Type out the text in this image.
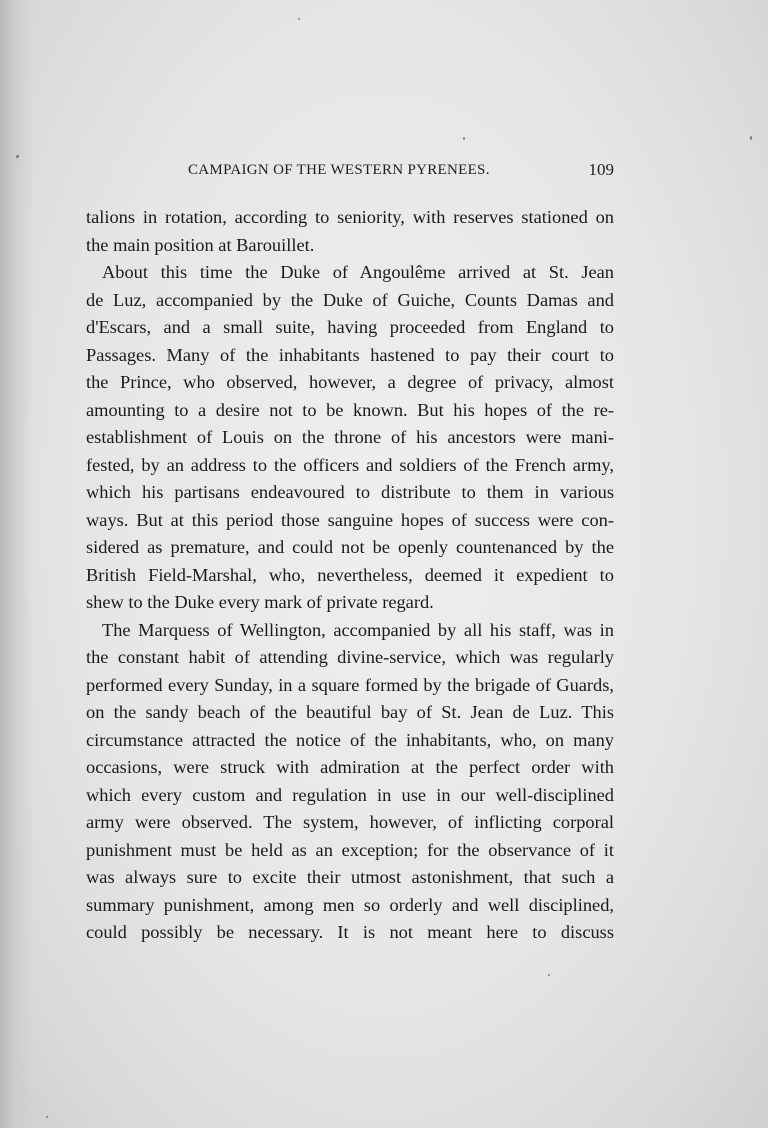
CAMPAIGN OF THE WESTERN PYRENEES.	109
talions in rotation, according to seniority, with reserves stationed on
the main position at Barouillet.
About this time the Duke of Angoulême arrived at St. Jean
de Luz, accompanied by the Duke of Guiche, Counts Damas and
d'Escars, and a small suite, having proceeded from England to
Passages. Many of the inhabitants hastened to pay their court to
the Prince, who observed, however, a degree of privacy, almost
amounting to a desire not to be known. But his hopes of the re-
establishment of Louis on the throne of his ancestors were mani-
fested, by an address to the officers and soldiers of the French army,
which his partisans endeavoured to distribute to them in various
ways. But at this period those sanguine hopes of success were con-
sidered as premature, and could not be openly countenanced by the
British Field-Marshal, who, nevertheless, deemed it expedient to
shew to the Duke every mark of private regard.
The Marquess of Wellington, accompanied by all his staff, was in
the constant habit of attending divine-service, which was regularly
performed every Sunday, in a square formed by the brigade of Guards,
on the sandy beach of the beautiful bay of St. Jean de Luz. This
circumstance attracted the notice of the inhabitants, who, on many
occasions, were struck with admiration at the perfect order with
which every custom and regulation in use in our well-disciplined
army were observed. The system, however, of inflicting corporal
punishment must be held as an exception; for the observance of it
was always sure to excite their utmost astonishment, that such a
summary punishment, among men so orderly and well disciplined,
could possibly be necessary. It is not meant here to discuss
